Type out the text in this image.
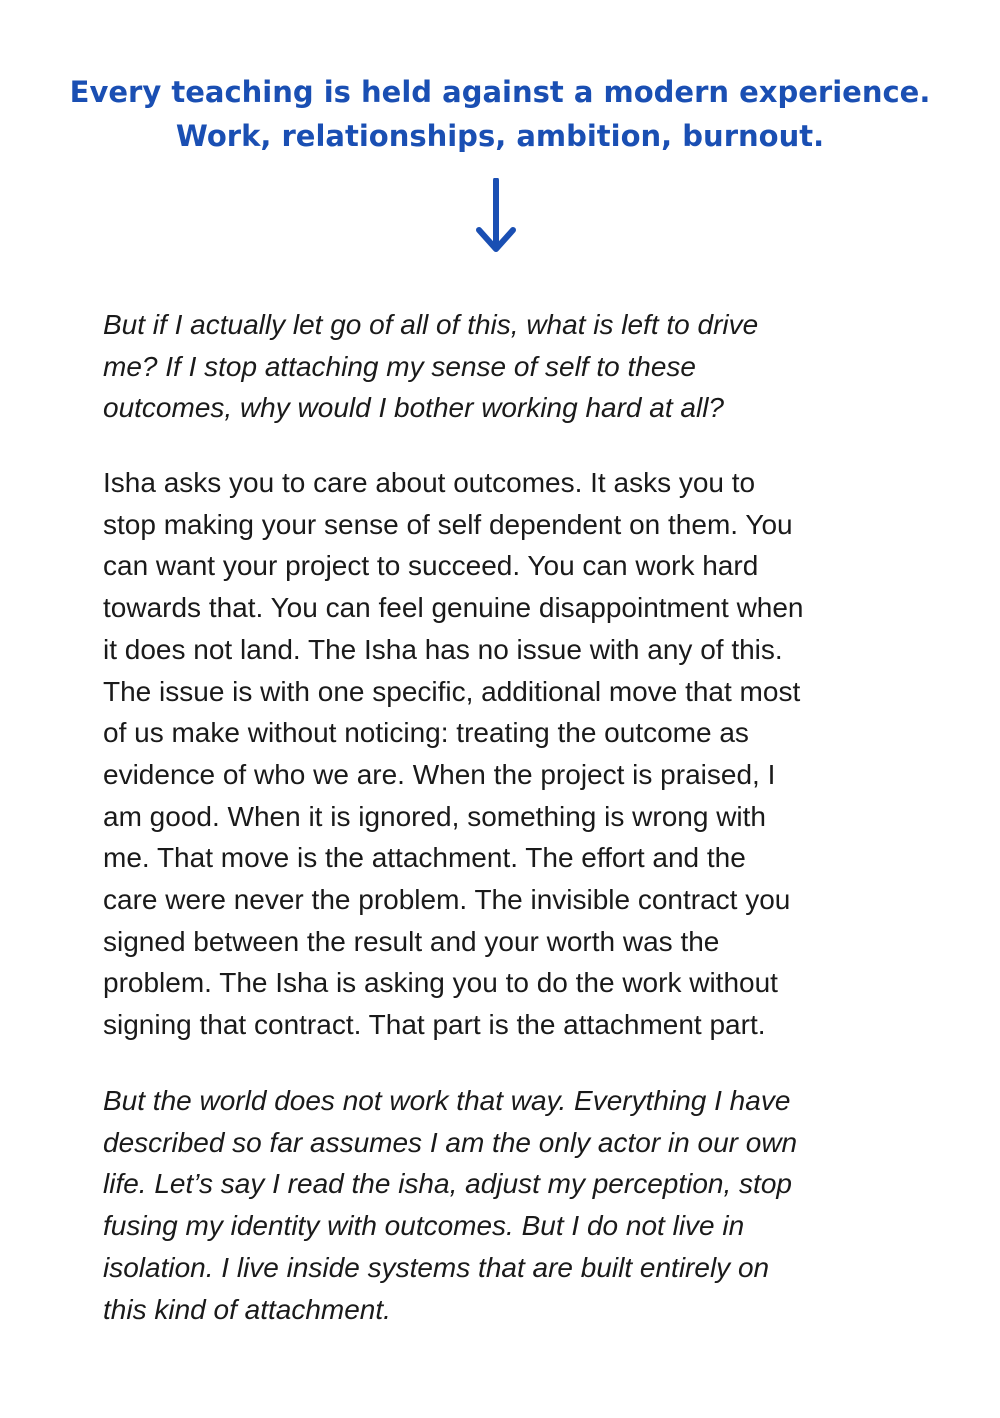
Every teaching is held against a modern experience.
Work, relationships, ambition, burnout.

But if I actually let go of all of this, what is left to drive
me? If I stop attaching my sense of self to these
outcomes, why would I bother working hard at all?

Isha asks you to care about outcomes. It asks you to
stop making your sense of self dependent on them. You
can want your project to succeed. You can work hard
towards that. You can feel genuine disappointment when
it does not land. The Isha has no issue with any of this.
The issue is with one specific, additional move that most
of us make without noticing: treating the outcome as
evidence of who we are. When the project is praised, I
am good. When it is ignored, something is wrong with
me. That move is the attachment. The effort and the
care were never the problem. The invisible contract you
signed between the result and your worth was the
problem. The Isha is asking you to do the work without
signing that contract. That part is the attachment part.

But the world does not work that way. Everything I have
described so far assumes I am the only actor in our own
life. Let’s say I read the isha, adjust my perception, stop
fusing my identity with outcomes. But I do not live in
isolation. I live inside systems that are built entirely on
this kind of attachment.
